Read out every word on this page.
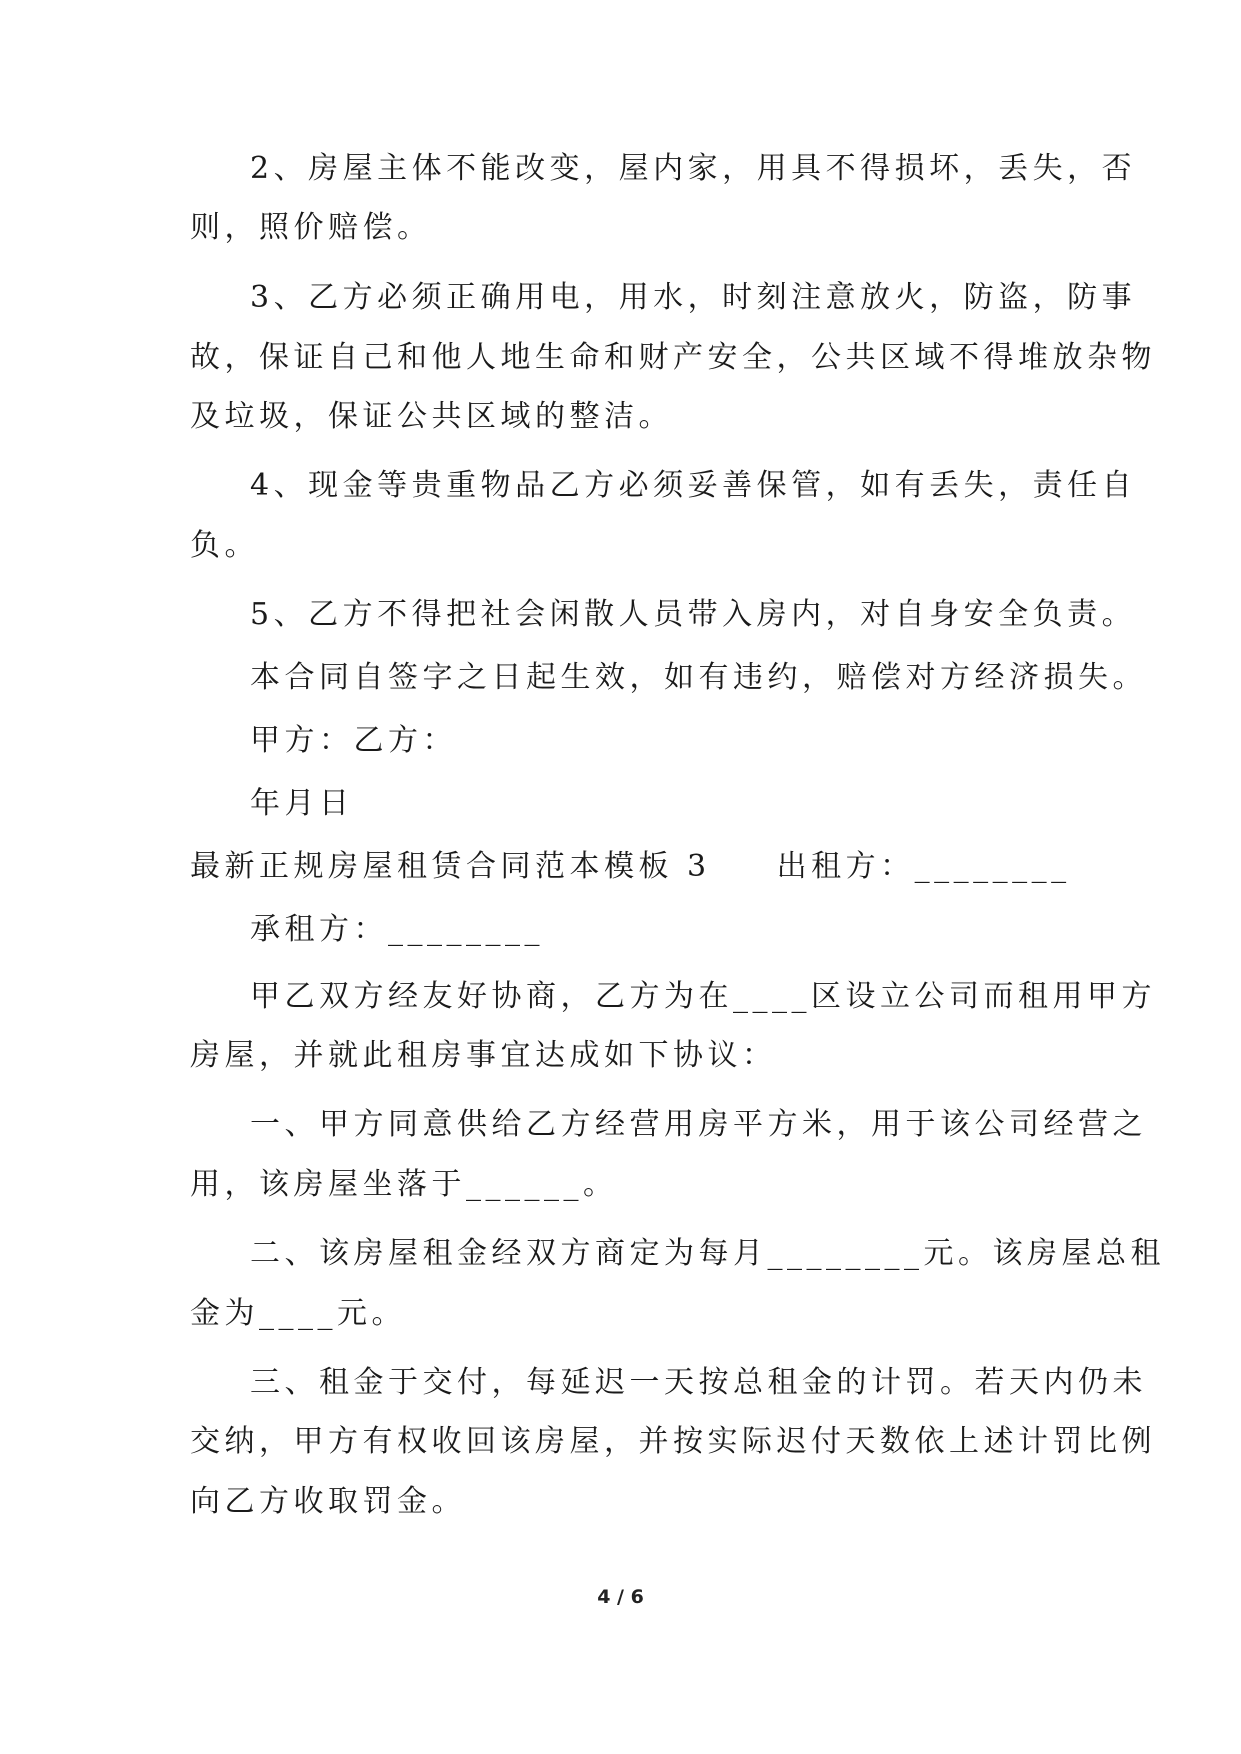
2、房屋主体不能改变，屋内家，用具不得损坏，丢失，否
则，照价赔偿。
3、乙方必须正确用电，用水，时刻注意放火，防盗，防事
故，保证自己和他人地生命和财产安全，公共区域不得堆放杂物
及垃圾，保证公共区域的整洁。
4、现金等贵重物品乙方必须妥善保管，如有丢失，责任自
负。
5、乙方不得把社会闲散人员带入房内，对自身安全负责。
本合同自签字之日起生效，如有违约，赔偿对方经济损失。
甲方：乙方：
年月日
最新正规房屋租赁合同范本模板 3 出租方：________
承租方：________
甲乙双方经友好协商，乙方为在____区设立公司而租用甲方
房屋，并就此租房事宜达成如下协议：
一、甲方同意供给乙方经营用房平方米，用于该公司经营之
用，该房屋坐落于______。
二、该房屋租金经双方商定为每月________元。该房屋总租
金为____元。
三、租金于交付，每延迟一天按总租金的计罚。若天内仍未
交纳，甲方有权收回该房屋，并按实际迟付天数依上述计罚比例
向乙方收取罚金。
4 / 6
